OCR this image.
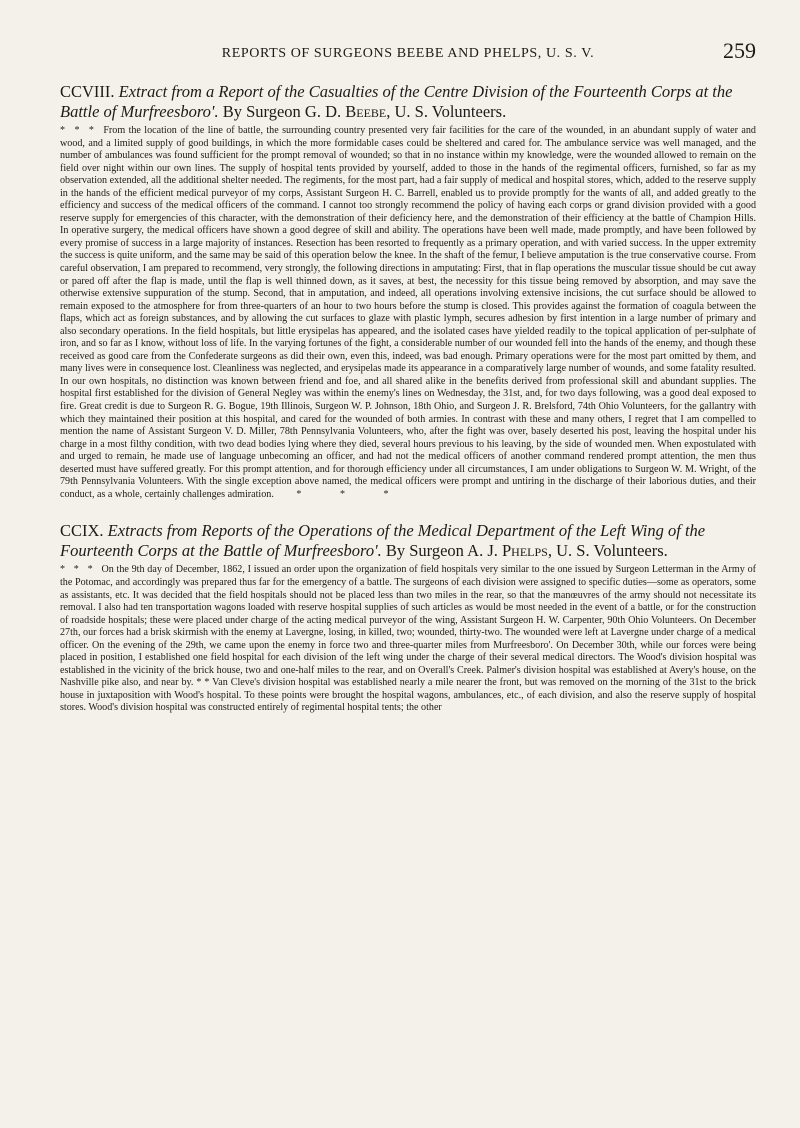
REPORTS OF SURGEONS BEEBE AND PHELPS, U. S. V.	259
CCVIII. Extract from a Report of the Casualties of the Centre Division of the Fourteenth Corps at the Battle of Murfreesboro'. By Surgeon G. D. Beebe, U. S. Volunteers.

* * * From the location of the line of battle, the surrounding country presented very fair facilities for the care of the wounded, in an abundant supply of water and wood, and a limited supply of good buildings, in which the more formidable cases could be sheltered and cared for. The ambulance service was well managed, and the number of ambulances was found sufficient for the prompt removal of wounded; so that in no instance within my knowledge, were the wounded allowed to remain on the field over night within our own lines. The supply of hospital tents provided by yourself, added to those in the hands of the regimental officers, furnished, so far as my observation extended, all the additional shelter needed. The regiments, for the most part, had a fair supply of medical and hospital stores, which, added to the reserve supply in the hands of the efficient medical purveyor of my corps, Assistant Surgeon H. C. Barrell, enabled us to provide promptly for the wants of all, and added greatly to the efficiency and success of the medical officers of the command. I cannot too strongly recommend the policy of having each corps or grand division provided with a good reserve supply for emergencies of this character, with the demonstration of their deficiency here, and the demonstration of their efficiency at the battle of Champion Hills. In operative surgery, the medical officers have shown a good degree of skill and ability. The operations have been well made, made promptly, and have been followed by every promise of success in a large majority of instances. Resection has been resorted to frequently as a primary operation, and with varied success. In the upper extremity the success is quite uniform, and the same may be said of this operation below the knee. In the shaft of the femur, I believe amputation is the true conservative course. From careful observation, I am prepared to recommend, very strongly, the following directions in amputating: First, that in flap operations the muscular tissue should be cut away or pared off after the flap is made, until the flap is well thinned down, as it saves, at best, the necessity for this tissue being removed by absorption, and may save the otherwise extensive suppuration of the stump. Second, that in amputation, and indeed, all operations involving extensive incisions, the cut surface should be allowed to remain exposed to the atmosphere for from three-quarters of an hour to two hours before the stump is closed. This provides against the formation of coagula between the flaps, which act as foreign substances, and by allowing the cut surfaces to glaze with plastic lymph, secures adhesion by first intention in a large number of primary and also secondary operations. In the field hospitals, but little erysipelas has appeared, and the isolated cases have yielded readily to the topical application of per-sulphate of iron, and so far as I know, without loss of life. In the varying fortunes of the fight, a considerable number of our wounded fell into the hands of the enemy, and though these received as good care from the Confederate surgeons as did their own, even this, indeed, was bad enough. Primary operations were for the most part omitted by them, and many lives were in consequence lost. Cleanliness was neglected, and erysipelas made its appearance in a comparatively large number of wounds, and some fatality resulted. In our own hospitals, no distinction was known between friend and foe, and all shared alike in the benefits derived from professional skill and abundant supplies. The hospital first established for the division of General Negley was within the enemy's lines on Wednesday, the 31st, and, for two days following, was a good deal exposed to fire. Great credit is due to Surgeon R. G. Bogue, 19th Illinois, Surgeon W. P. Johnson, 18th Ohio, and Surgeon J. R. Brelsford, 74th Ohio Volunteers, for the gallantry with which they maintained their position at this hospital, and cared for the wounded of both armies. In contrast with these and many others, I regret that I am compelled to mention the name of Assistant Surgeon V. D. Miller, 78th Pennsylvania Volunteers, who, after the fight was over, basely deserted his post, leaving the hospital under his charge in a most filthy condition, with two dead bodies lying where they died, several hours previous to his leaving, by the side of wounded men. When expostulated with and urged to remain, he made use of language unbecoming an officer, and had not the medical officers of another command rendered prompt attention, the men thus deserted must have suffered greatly. For this prompt attention, and for thorough efficiency under all circumstances, I am under obligations to Surgeon W. M. Wright, of the 79th Pennsylvania Volunteers. With the single exception above named, the medical officers were prompt and untiring in the discharge of their laborious duties, and their conduct, as a whole, certainly challenges admiration. * * *

CCIX. Extracts from Reports of the Operations of the Medical Department of the Left Wing of the Fourteenth Corps at the Battle of Murfreesboro'. By Surgeon A. J. Phelps, U. S. Volunteers.

* * * On the 9th day of December, 1862, I issued an order upon the organization of field hospitals very similar to the one issued by Surgeon Letterman in the Army of the Potomac, and accordingly was prepared thus far for the emergency of a battle. The surgeons of each division were assigned to specific duties—some as operators, some as assistants, etc. It was decided that the field hospitals should not be placed less than two miles in the rear, so that the manœuvres of the army should not necessitate its removal. I also had ten transportation wagons loaded with reserve hospital supplies of such articles as would be most needed in the event of a battle, or for the construction of roadside hospitals; these were placed under charge of the acting medical purveyor of the wing, Assistant Surgeon H. W. Carpenter, 90th Ohio Volunteers. On December 27th, our forces had a brisk skirmish with the enemy at Lavergne, losing, in killed, two; wounded, thirty-two. The wounded were left at Lavergne under charge of a medical officer. On the evening of the 29th, we came upon the enemy in force two and three-quarter miles from Murfreesboro'. On December 30th, while our forces were being placed in position, I established one field hospital for each division of the left wing under the charge of their several medical directors. The Wood's division hospital was established in the vicinity of the brick house, two and one-half miles to the rear, and on Overall's Creek. Palmer's division hospital was established at Avery's house, on the Nashville pike also, and near by. * * Van Cleve's division hospital was established nearly a mile nearer the front, but was removed on the morning of the 31st to the brick house in juxtaposition with Wood's hospital. To these points were brought the hospital wagons, ambulances, etc., of each division, and also the reserve supply of hospital stores. Wood's division hospital was constructed entirely of regimental hospital tents; the other
